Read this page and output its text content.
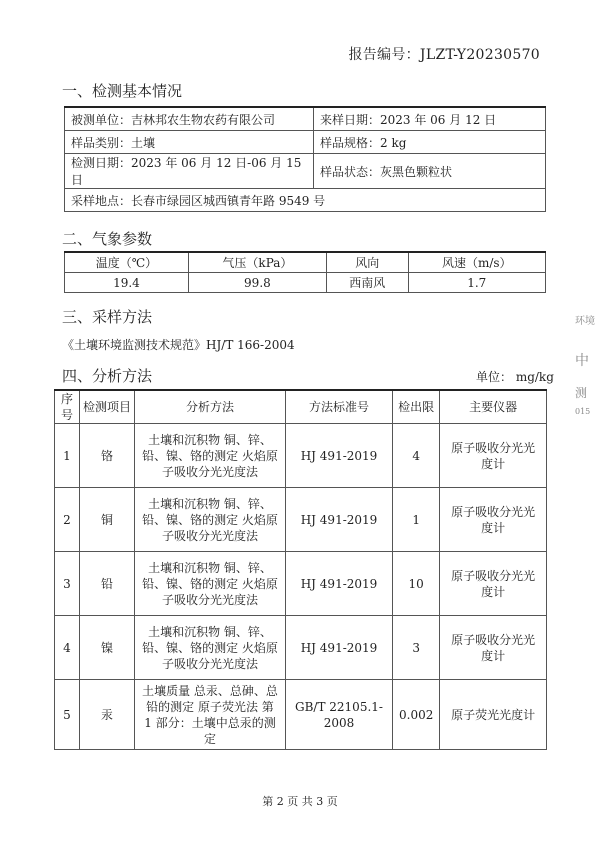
报告编号：JLZT-Y20230570
一、检测基本情况
被测单位：吉林邦农生物农药有限公司	来样日期：2023 年 06 月 12 日
样品类别：土壤	样品规格：2 kg
检测日期：2023 年 06 月 12 日-06 月 15 日	样品状态：灰黑色颗粒状
采样地点：长春市绿园区城西镇青年路 9549 号	
二、气象参数
温度（℃）	气压（kPa）	风向	风速（m/s）
19.4	99.8	西南风	1.7
三、采样方法
《土壤环境监测技术规范》HJ/T 166-2004
四、分析方法	单位： mg/kg
序号	检测项目	分析方法	方法标准号	检出限	主要仪器
1	铬	土壤和沉积物 铜、锌、铅、镍、铬的测定 火焰原子吸收分光光度法	HJ 491-2019	4	原子吸收分光光度计
2	铜	土壤和沉积物 铜、锌、铅、镍、铬的测定 火焰原子吸收分光光度法	HJ 491-2019	1	原子吸收分光光度计
3	铅	土壤和沉积物 铜、锌、铅、镍、铬的测定 火焰原子吸收分光光度法	HJ 491-2019	10	原子吸收分光光度计
4	镍	土壤和沉积物 铜、锌、铅、镍、铬的测定 火焰原子吸收分光光度法	HJ 491-2019	3	原子吸收分光光度计
5	汞	土壤质量 总汞、总砷、总铅的测定 原子荧光法 第 1 部分：土壤中总汞的测定	GB/T 22105.1-2008	0.002	原子荧光光度计
环境
中
测
015
第 2 页 共 3 页
